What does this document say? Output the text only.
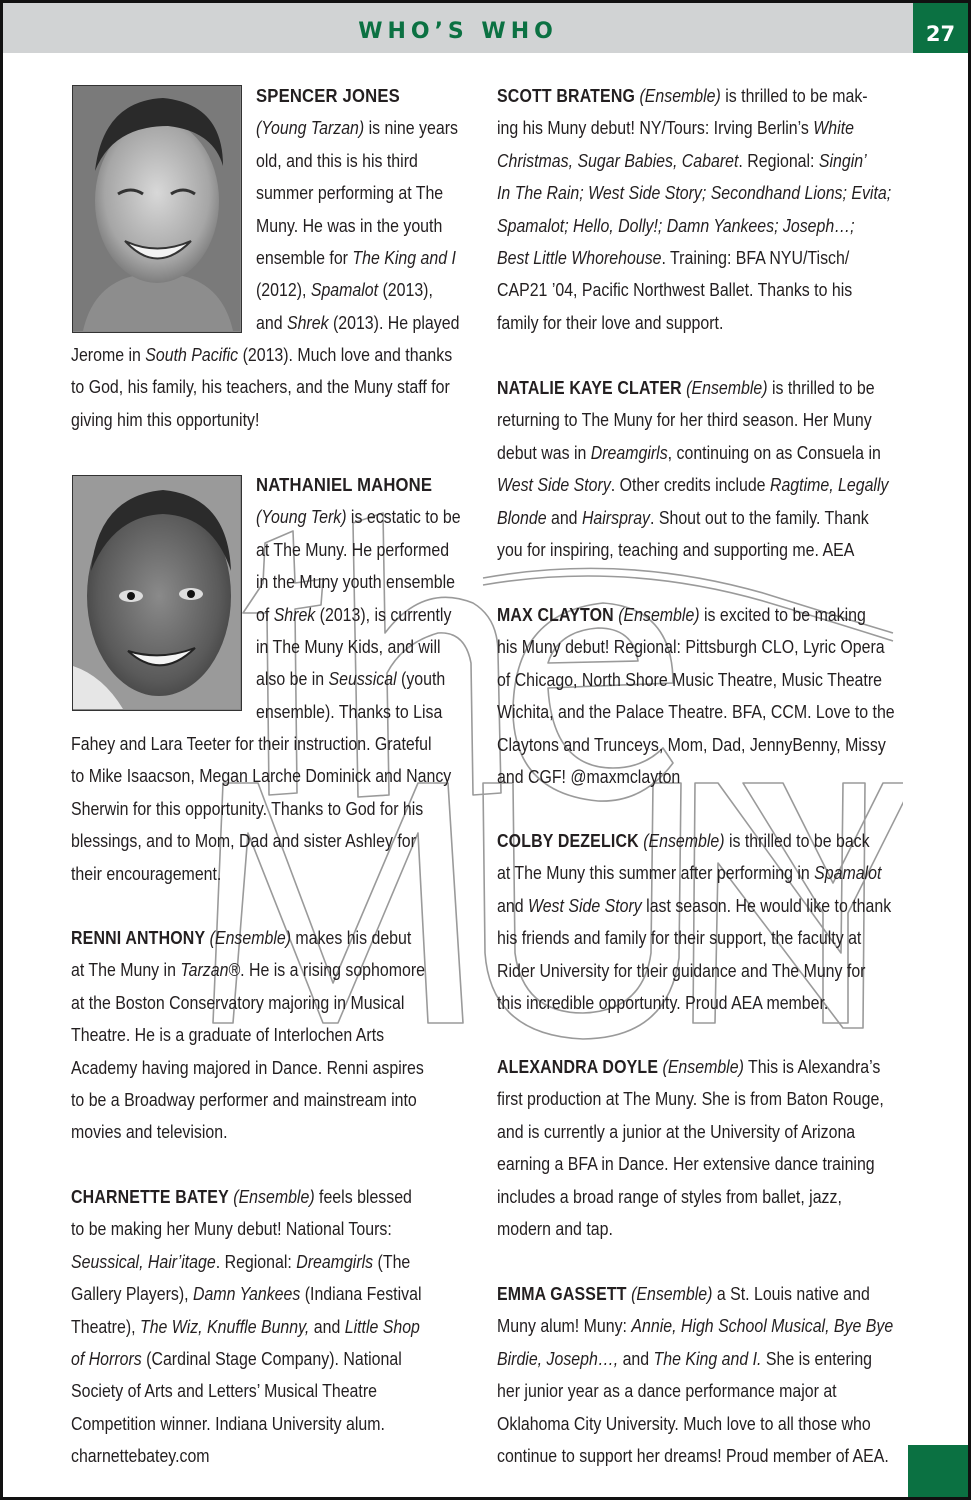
WHO’S WHO	27
SPENCER JONES
(Young Tarzan) is nine years
old, and this is his third
summer performing at The
Muny. He was in the youth
ensemble for The King and I
(2012), Spamalot (2013),
and Shrek (2013). He played
Jerome in South Pacific (2013). Much love and thanks
to God, his family, his teachers, and the Muny staff for
giving him this opportunity!
NATHANIEL MAHONE
(Young Terk) is ecstatic to be
at The Muny. He performed
in the Muny youth ensemble
of Shrek (2013), is currently
in The Muny Kids, and will
also be in Seussical (youth
ensemble). Thanks to Lisa
Fahey and Lara Teeter for their instruction. Grateful
to Mike Isaacson, Megan Larche Dominick and Nancy
Sherwin for this opportunity. Thanks to God for his
blessings, and to Mom, Dad and sister Ashley for
their encouragement.
RENNI ANTHONY (Ensemble) makes his debut
at The Muny in Tarzan®. He is a rising sophomore
at the Boston Conservatory majoring in Musical
Theatre. He is a graduate of Interlochen Arts
Academy having majored in Dance. Renni aspires
to be a Broadway performer and mainstream into
movies and television.
CHARNETTE BATEY (Ensemble) feels blessed
to be making her Muny debut! National Tours:
Seussical, Hair’itage. Regional: Dreamgirls (The
Gallery Players), Damn Yankees (Indiana Festival
Theatre), The Wiz, Knuffle Bunny, and Little Shop
of Horrors (Cardinal Stage Company). National
Society of Arts and Letters’ Musical Theatre
Competition winner. Indiana University alum.
charnettebatey.com
SCOTT BRATENG (Ensemble) is thrilled to be mak-
ing his Muny debut! NY/Tours: Irving Berlin’s White
Christmas, Sugar Babies, Cabaret. Regional: Singin’
In The Rain; West Side Story; Secondhand Lions; Evita;
Spamalot; Hello, Dolly!; Damn Yankees; Joseph…;
Best Little Whorehouse. Training: BFA NYU/Tisch/
CAP21 ’04, Pacific Northwest Ballet. Thanks to his
family for their love and support.
NATALIE KAYE CLATER (Ensemble) is thrilled to be
returning to The Muny for her third season. Her Muny
debut was in Dreamgirls, continuing on as Consuela in
West Side Story. Other credits include Ragtime, Legally
Blonde and Hairspray. Shout out to the family. Thank
you for inspiring, teaching and supporting me. AEA
MAX CLAYTON (Ensemble) is excited to be making
his Muny debut! Regional: Pittsburgh CLO, Lyric Opera
of Chicago, North Shore Music Theatre, Music Theatre
Wichita, and the Palace Theatre. BFA, CCM. Love to the
Claytons and Trunceys, Mom, Dad, JennyBenny, Missy
and CGF! @maxmclayton
COLBY DEZELICK (Ensemble) is thrilled to be back
at The Muny this summer after performing in Spamalot
and West Side Story last season. He would like to thank
his friends and family for their support, the faculty at
Rider University for their guidance and The Muny for
this incredible opportunity. Proud AEA member.
ALEXANDRA DOYLE (Ensemble) This is Alexandra’s
first production at The Muny. She is from Baton Rouge,
and is currently a junior at the University of Arizona
earning a BFA in Dance. Her extensive dance training
includes a broad range of styles from ballet, jazz,
modern and tap.
EMMA GASSETT (Ensemble) a St. Louis native and
Muny alum! Muny: Annie, High School Musical, Bye Bye
Birdie, Joseph…, and The King and I. She is entering
her junior year as a dance performance major at
Oklahoma City University. Much love to all those who
continue to support her dreams! Proud member of AEA.
